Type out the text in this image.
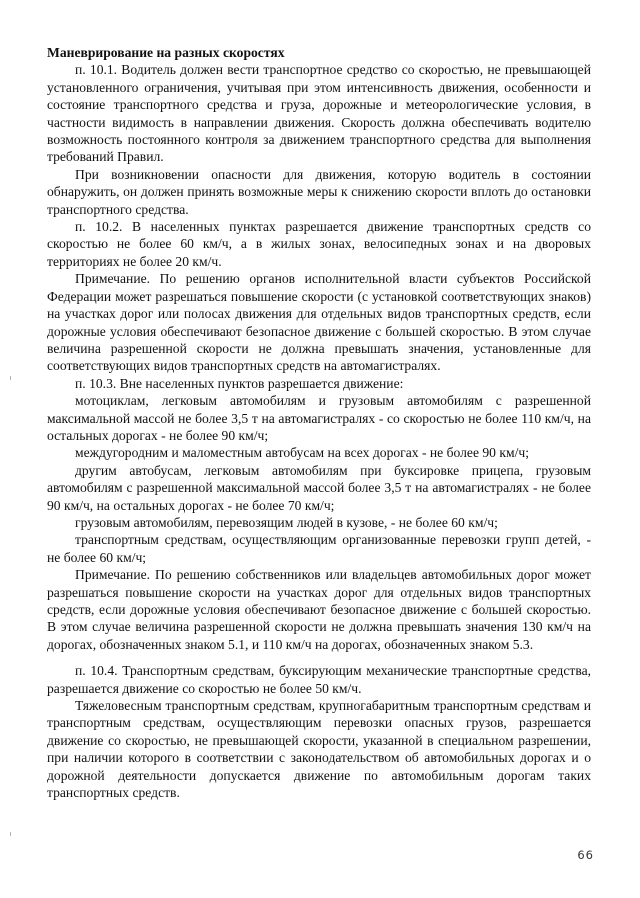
Маневрирование на разных скоростях

п. 10.1. Водитель должен вести транспортное средство со скоростью, не превышающей установленного ограничения, учитывая при этом интенсивность движения, особенности и состояние транспортного средства и груза, дорожные и метеорологические условия, в частности видимость в направлении движения. Скорость должна обеспечивать водителю возможность постоянного контроля за движением транспортного средства для выполнения требований Правил.

При возникновении опасности для движения, которую водитель в состоянии обнаружить, он должен принять возможные меры к снижению скорости вплоть до остановки транспортного средства.

п. 10.2. В населенных пунктах разрешается движение транспортных средств со скоростью не более 60 км/ч, а в жилых зонах, велосипедных зонах и на дворовых территориях не более 20 км/ч.

Примечание. По решению органов исполнительной власти субъектов Российской Федерации может разрешаться повышение скорости (с установкой соответствующих знаков) на участках дорог или полосах движения для отдельных видов транспортных средств, если дорожные условия обеспечивают безопасное движение с большей скоростью. В этом случае величина разрешенной скорости не должна превышать значения, установленные для соответствующих видов транспортных средств на автомагистралях.

п. 10.3. Вне населенных пунктов разрешается движение:

мотоциклам, легковым автомобилям и грузовым автомобилям с разрешенной максимальной массой не более 3,5 т на автомагистралях - со скоростью не более 110 км/ч, на остальных дорогах - не более 90 км/ч;

междугородним и маломестным автобусам на всех дорогах - не более 90 км/ч;

другим автобусам, легковым автомобилям при буксировке прицепа, грузовым автомобилям с разрешенной максимальной массой более 3,5 т на автомагистралях - не более 90 км/ч, на остальных дорогах - не более 70 км/ч;

грузовым автомобилям, перевозящим людей в кузове, - не более 60 км/ч;

транспортным средствам, осуществляющим организованные перевозки групп детей, - не более 60 км/ч;

Примечание. По решению собственников или владельцев автомобильных дорог может разрешаться повышение скорости на участках дорог для отдельных видов транспортных средств, если дорожные условия обеспечивают безопасное движение с большей скоростью. В этом случае величина разрешенной скорости не должна превышать значения 130 км/ч на дорогах, обозначенных знаком 5.1, и 110 км/ч на дорогах, обозначенных знаком 5.3.

п. 10.4. Транспортным средствам, буксирующим механические транспортные средства, разрешается движение со скоростью не более 50 км/ч.

Тяжеловесным транспортным средствам, крупногабаритным транспортным средствам и транспортным средствам, осуществляющим перевозки опасных грузов, разрешается движение со скоростью, не превышающей скорости, указанной в специальном разрешении, при наличии которого в соответствии с законодательством об автомобильных дорогах и о дорожной деятельности допускается движение по автомобильным дорогам таких транспортных средств.

66
